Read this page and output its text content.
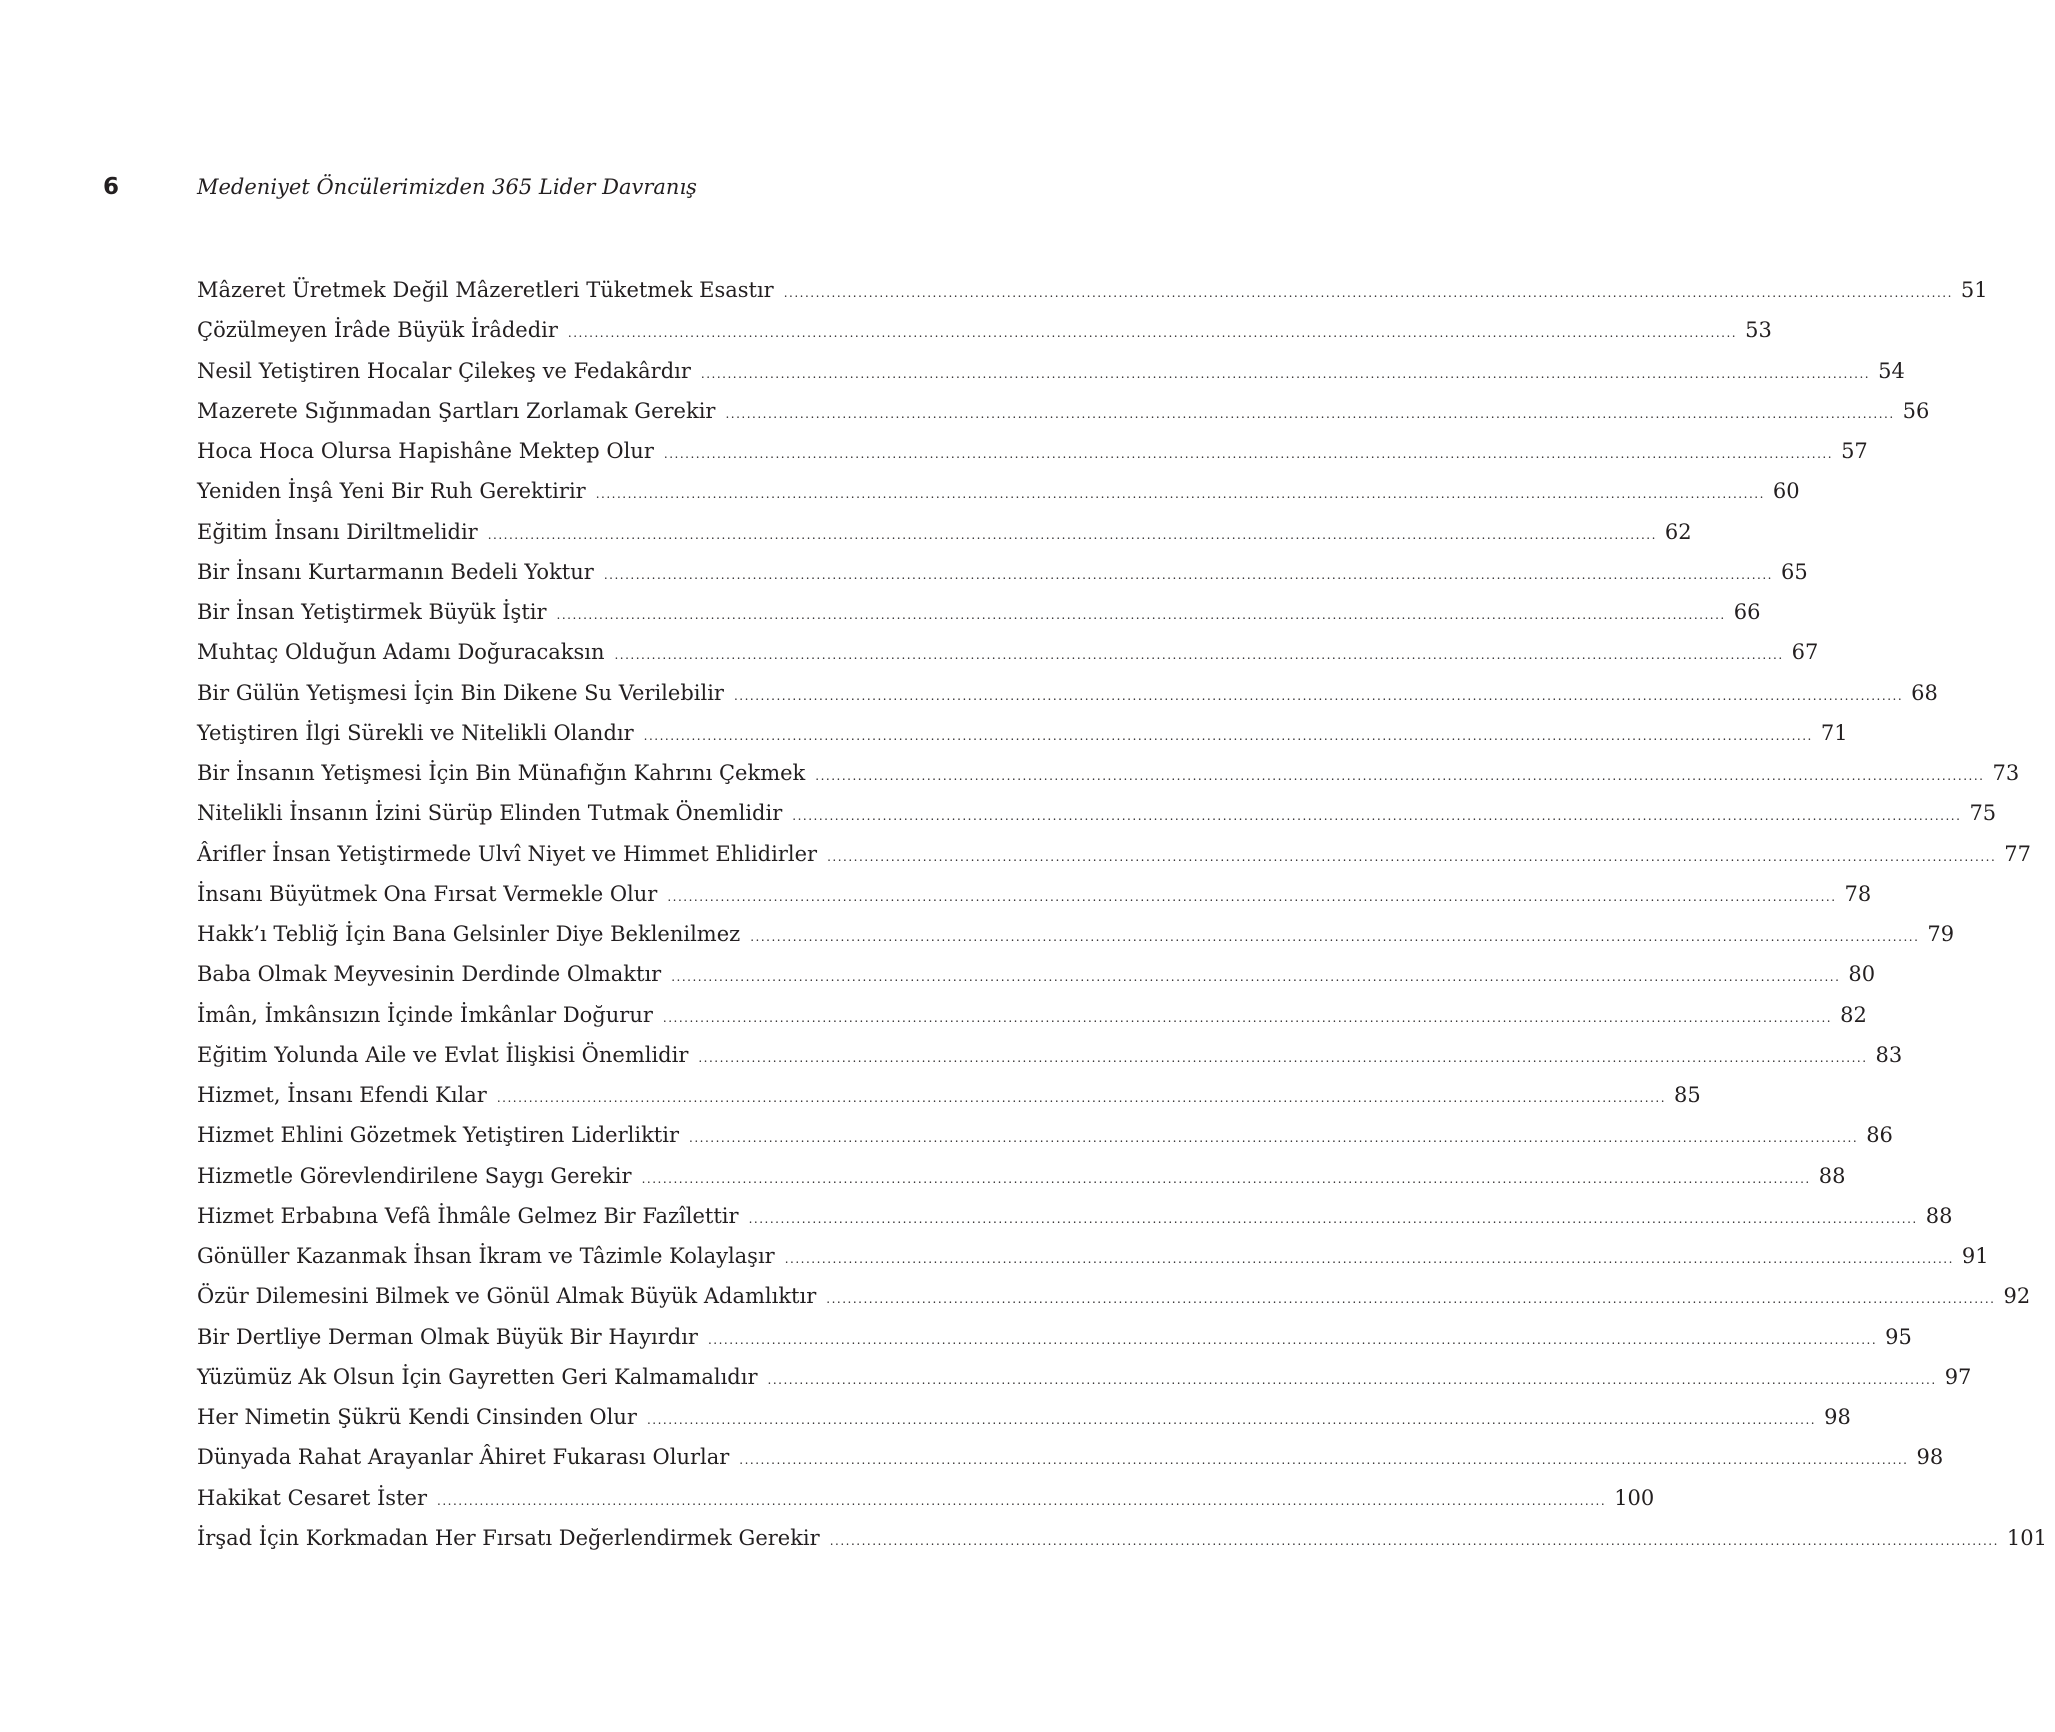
6	Medeniyet Öncülerimizden 365 Lider Davranış
Mâzeret Üretmek Değil Mâzeretleri Tüketmek Esastır ............................................................................................................................................................................................................................ 51
Çözülmeyen İrâde Büyük İrâdedir ............................................................................................................................................................................................................................ 53
Nesil Yetiştiren Hocalar Çilekeş ve Fedakârdır ............................................................................................................................................................................................................................ 54
Mazerete Sığınmadan Şartları Zorlamak Gerekir ............................................................................................................................................................................................................................ 56
Hoca Hoca Olursa Hapishâne Mektep Olur ............................................................................................................................................................................................................................ 57
Yeniden İnşâ Yeni Bir Ruh Gerektirir ............................................................................................................................................................................................................................ 60
Eğitim İnsanı Diriltmelidir ............................................................................................................................................................................................................................ 62
Bir İnsanı Kurtarmanın Bedeli Yoktur ............................................................................................................................................................................................................................ 65
Bir İnsan Yetiştirmek Büyük İştir ............................................................................................................................................................................................................................ 66
Muhtaç Olduğun Adamı Doğuracaksın ............................................................................................................................................................................................................................ 67
Bir Gülün Yetişmesi İçin Bin Dikene Su Verilebilir ............................................................................................................................................................................................................................ 68
Yetiştiren İlgi Sürekli ve Nitelikli Olandır ............................................................................................................................................................................................................................ 71
Bir İnsanın Yetişmesi İçin Bin Münafığın Kahrını Çekmek ............................................................................................................................................................................................................................ 73
Nitelikli İnsanın İzini Sürüp Elinden Tutmak Önemlidir ............................................................................................................................................................................................................................ 75
Ârifler İnsan Yetiştirmede Ulvî Niyet ve Himmet Ehlidirler ............................................................................................................................................................................................................................ 77
İnsanı Büyütmek Ona Fırsat Vermekle Olur ............................................................................................................................................................................................................................ 78
Hakk’ı Tebliğ İçin Bana Gelsinler Diye Beklenilmez ............................................................................................................................................................................................................................ 79
Baba Olmak Meyvesinin Derdinde Olmaktır ............................................................................................................................................................................................................................ 80
İmân, İmkânsızın İçinde İmkânlar Doğurur ............................................................................................................................................................................................................................ 82
Eğitim Yolunda Aile ve Evlat İlişkisi Önemlidir ............................................................................................................................................................................................................................ 83
Hizmet, İnsanı Efendi Kılar ............................................................................................................................................................................................................................ 85
Hizmet Ehlini Gözetmek Yetiştiren Liderliktir ............................................................................................................................................................................................................................ 86
Hizmetle Görevlendirilene Saygı Gerekir ............................................................................................................................................................................................................................ 88
Hizmet Erbabına Vefâ İhmâle Gelmez Bir Fazîlettir ............................................................................................................................................................................................................................ 88
Gönüller Kazanmak İhsan İkram ve Tâzimle Kolaylaşır ............................................................................................................................................................................................................................ 91
Özür Dilemesini Bilmek ve Gönül Almak Büyük Adamlıktır ............................................................................................................................................................................................................................ 92
Bir Dertliye Derman Olmak Büyük Bir Hayırdır ............................................................................................................................................................................................................................ 95
Yüzümüz Ak Olsun İçin Gayretten Geri Kalmamalıdır ............................................................................................................................................................................................................................ 97
Her Nimetin Şükrü Kendi Cinsinden Olur ............................................................................................................................................................................................................................ 98
Dünyada Rahat Arayanlar Âhiret Fukarası Olurlar ............................................................................................................................................................................................................................ 98
Hakikat Cesaret İster ............................................................................................................................................................................................................................ 100
İrşad İçin Korkmadan Her Fırsatı Değerlendirmek Gerekir ............................................................................................................................................................................................................................ 101
